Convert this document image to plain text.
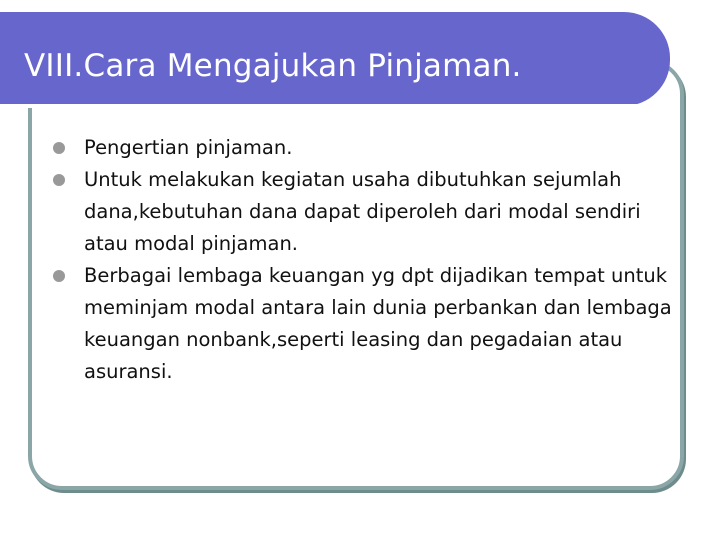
VIII.Cara Mengajukan Pinjaman.
Pengertian pinjaman.
Untuk melakukan kegiatan usaha dibutuhkan sejumlah dana,kebutuhan dana dapat diperoleh dari modal sendiri atau modal pinjaman.
Berbagai lembaga keuangan yg dpt dijadikan tempat untuk meminjam modal antara lain dunia perbankan dan lembaga keuangan nonbank,seperti leasing dan pegadaian atau asuransi.
